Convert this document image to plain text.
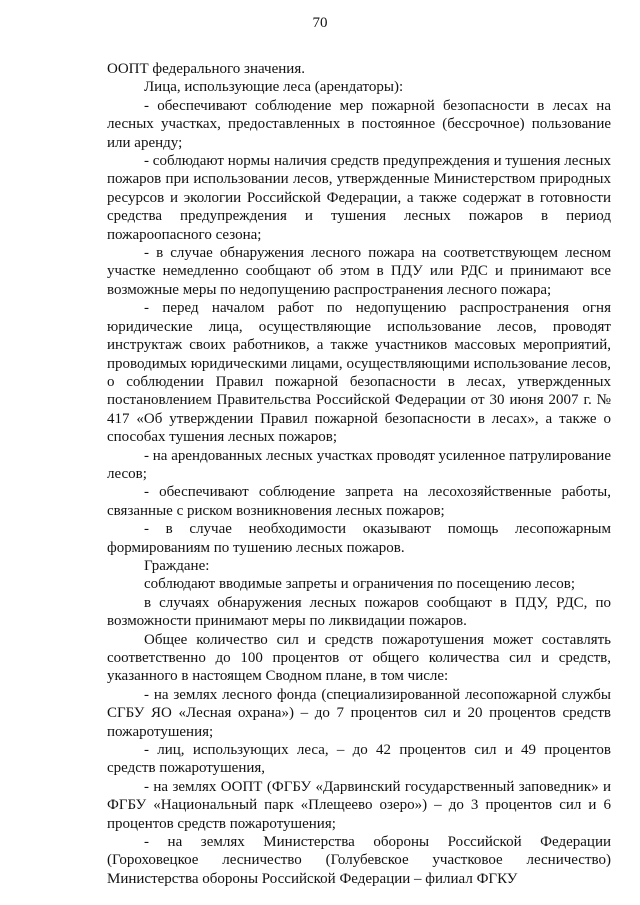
70

ООПТ федерального значения.

Лица, использующие леса (арендаторы):

- обеспечивают соблюдение мер пожарной безопасности в лесах на лесных участках, предоставленных в постоянное (бессрочное) пользование или аренду;

- соблюдают нормы наличия средств предупреждения и тушения лесных пожаров при использовании лесов, утвержденные Министерством природных ресурсов и экологии Российской Федерации, а также содержат в готовности средства предупреждения и тушения лесных пожаров в период пожароопасного сезона;

- в случае обнаружения лесного пожара на соответствующем лесном участке немедленно сообщают об этом в ПДУ или РДС и принимают все возможные меры по недопущению распространения лесного пожара;

- перед началом работ по недопущению распространения огня юридические лица, осуществляющие использование лесов, проводят инструктаж своих работников, а также участников массовых мероприятий, проводимых юридическими лицами, осуществляющими использование лесов, о соблюдении Правил пожарной безопасности в лесах, утвержденных постановлением Правительства Российской Федерации от 30 июня 2007 г. № 417 «Об утверждении Правил пожарной безопасности в лесах», а также о способах тушения лесных пожаров;

- на арендованных лесных участках проводят усиленное патрулирование лесов;

- обеспечивают соблюдение запрета на лесохозяйственные работы, связанные с риском возникновения лесных пожаров;

- в случае необходимости оказывают помощь лесопожарным формированиям по тушению лесных пожаров.

Граждане:

соблюдают вводимые запреты и ограничения по посещению лесов;

в случаях обнаружения лесных пожаров сообщают в ПДУ, РДС, по возможности принимают меры по ликвидации пожаров.

Общее количество сил и средств пожаротушения может составлять соответственно до 100 процентов от общего количества сил и средств, указанного в настоящем Сводном плане, в том числе:

- на землях лесного фонда (специализированной лесопожарной службы СГБУ ЯО «Лесная охрана») – до 7 процентов сил и 20 процентов средств пожаротушения;

- лиц, использующих леса, – до 42 процентов сил и 49 процентов средств пожаротушения,

- на землях ООПТ (ФГБУ «Дарвинский государственный заповедник» и ФГБУ «Национальный парк «Плещеево озеро») – до 3 процентов сил и 6 процентов средств пожаротушения;

- на землях Министерства обороны Российской Федерации (Гороховецкое лесничество (Голубевское участковое лесничество) Министерства обороны Российской Федерации – филиал ФГКУ
